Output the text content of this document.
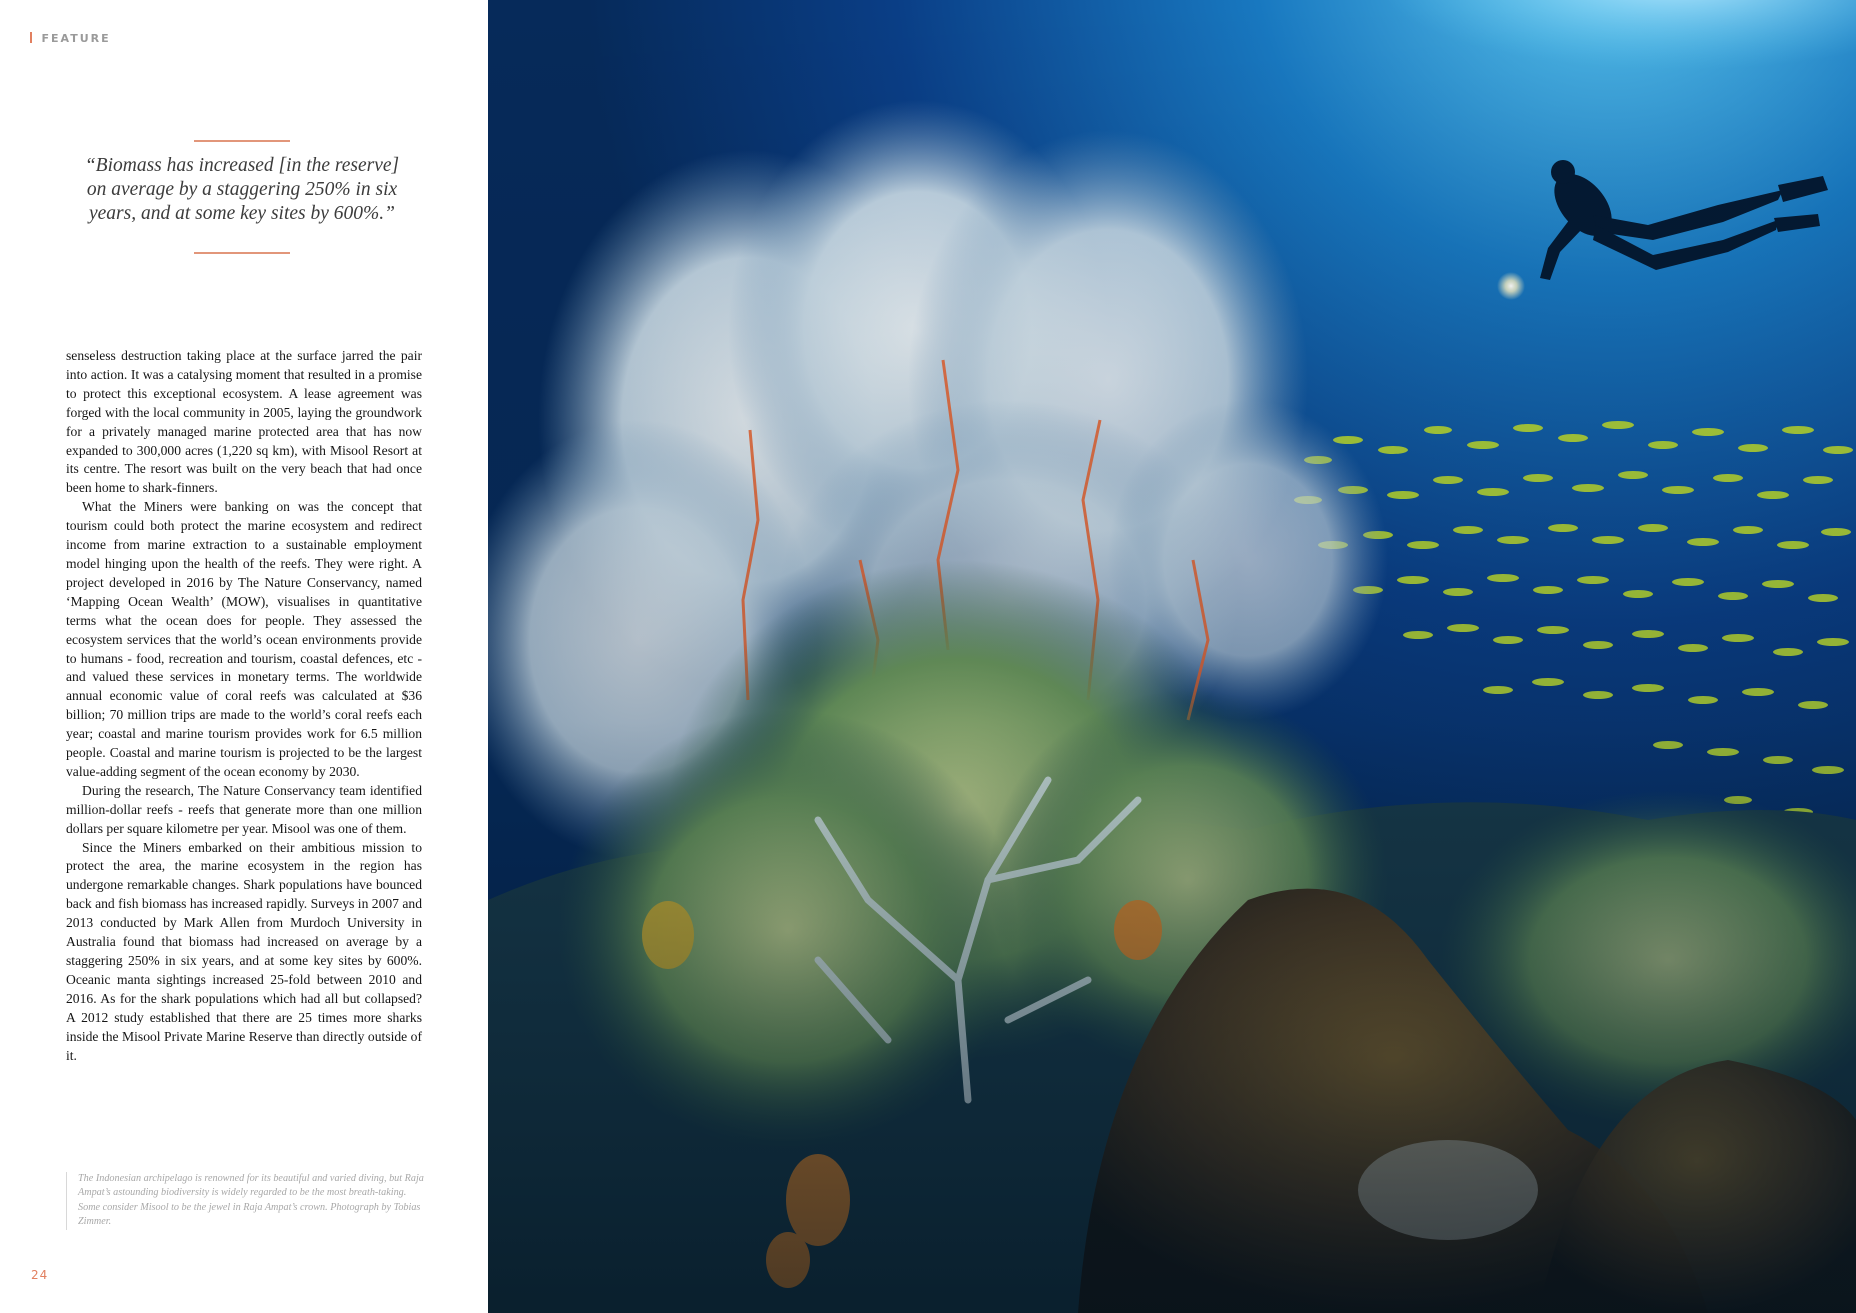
FEATURE
“Biomass has increased [in the reserve] on average by a staggering 250% in six years, and at some key sites by 600%.”

senseless destruction taking place at the surface jarred the pair into action. It was a catalysing moment that resulted in a promise to protect this exceptional ecosystem. A lease agreement was forged with the local community in 2005, laying the groundwork for a privately managed marine protected area that has now expanded to 300,000 acres (1,220 sq km), with Misool Resort at its centre. The resort was built on the very beach that had once been home to shark-finners.

What the Miners were banking on was the concept that tourism could both protect the marine ecosystem and redirect income from marine extraction to a sustainable employment model hinging upon the health of the reefs. They were right. A project developed in 2016 by The Nature Conservancy, named ‘Mapping Ocean Wealth’ (MOW), visualises in quantitative terms what the ocean does for people. They assessed the ecosystem services that the world’s ocean environments provide to humans - food, recreation and tourism, coastal defences, etc - and valued these services in monetary terms. The worldwide annual economic value of coral reefs was calculated at $36 billion; 70 million trips are made to the world’s coral reefs each year; coastal and marine tourism provides work for 6.5 million people. Coastal and marine tourism is projected to be the largest value-adding segment of the ocean economy by 2030.

During the research, The Nature Conservancy team identified million-dollar reefs - reefs that generate more than one million dollars per square kilometre per year. Misool was one of them.

Since the Miners embarked on their ambitious mission to protect the area, the marine ecosystem in the region has undergone remarkable changes. Shark populations have bounced back and fish biomass has increased rapidly. Surveys in 2007 and 2013 conducted by Mark Allen from Murdoch University in Australia found that biomass had increased on average by a staggering 250% in six years, and at some key sites by 600%. Oceanic manta sightings increased 25-fold between 2010 and 2016. As for the shark populations which had all but collapsed? A 2012 study established that there are 25 times more sharks inside the Misool Private Marine Reserve than directly outside of it.

The Indonesian archipelago is renowned for its beautiful and varied diving, but Raja Ampat’s astounding biodiversity is widely regarded to be the most breath-taking. Some consider Misool to be the jewel in Raja Ampat’s crown. Photograph by Tobias Zimmer.
24
